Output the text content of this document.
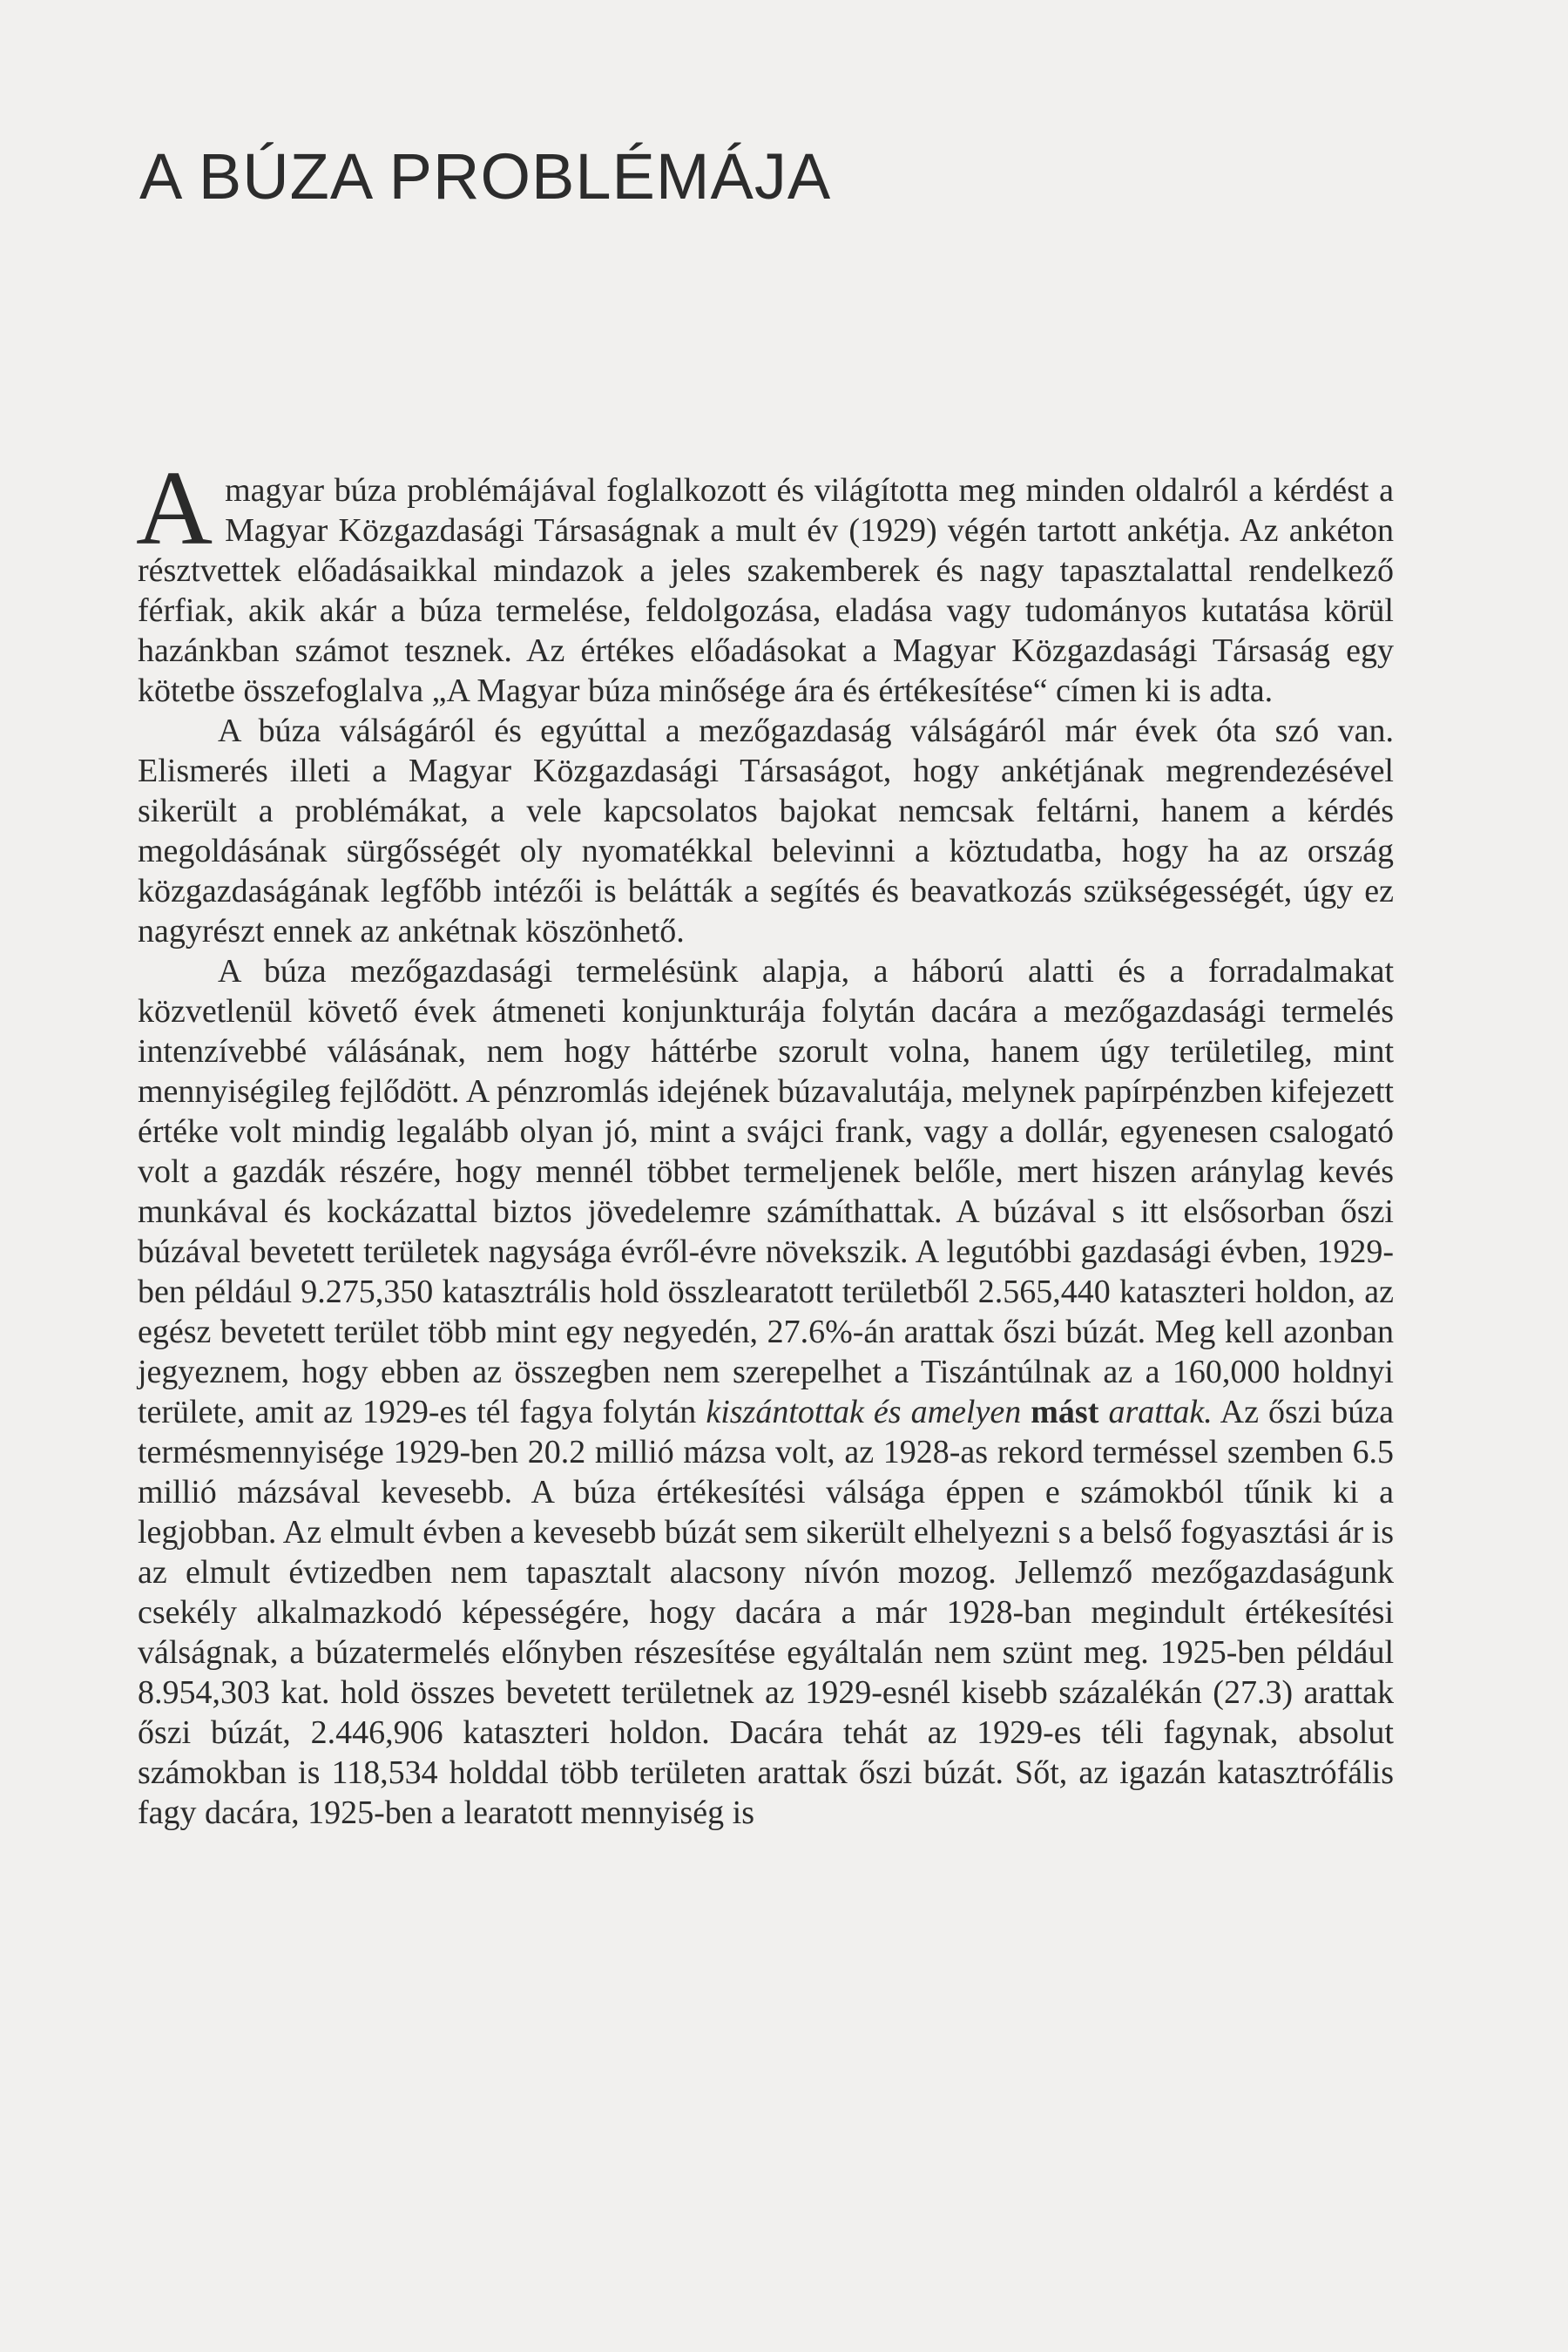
A BÚZA PROBLÉMÁJA

Amagyar búza problémájával foglalkozott és világította meg minden oldalról a kérdést a Magyar Közgazdasági Társaságnak a mult év (1929) végén tartott ankétja. Az ankéton résztvettek előadásaikkal mindazok a jeles szakemberek és nagy tapasztalattal rendelkező férfiak, akik akár a búza termelése, feldolgozása, eladása vagy tudományos kutatása körül hazánkban számot tesznek. Az értékes előadásokat a Magyar Közgazdasági Társaság egy kötetbe összefoglalva „A Magyar búza minősége ára és értékesítése“ címen ki is adta.

A búza válságáról és egyúttal a mezőgazdaság válságáról már évek óta szó van. Elismerés illeti a Magyar Közgazdasági Társaságot, hogy ankétjának megrendezésével sikerült a problémákat, a vele kapcsolatos bajokat nemcsak feltárni, hanem a kérdés megoldásának sürgősségét oly nyomatékkal belevinni a köztudatba, hogy ha az ország közgazdaságának legfőbb intézői is belátták a segítés és beavatkozás szükségességét, úgy ez nagyrészt ennek az ankétnak köszönhető.

A búza mezőgazdasági termelésünk alapja, a háború alatti és a forradalmakat közvetlenül követő évek átmeneti konjunkturája folytán dacára a mezőgazdasági termelés intenzívebbé válásának, nem hogy háttérbe szorult volna, hanem úgy területileg, mint mennyiségileg fejlődött. A pénzromlás idejének búzavalutája, melynek papírpénzben kifejezett értéke volt mindig legalább olyan jó, mint a svájci frank, vagy a dollár, egyenesen csalogató volt a gazdák részére, hogy mennél többet termeljenek belőle, mert hiszen aránylag kevés munkával és kockázattal biztos jövedelemre számíthattak. A búzával s itt elsősorban őszi búzával bevetett területek nagysága évről-évre növekszik. A legutóbbi gazdasági évben, 1929-ben például 9.275,350 katasztrális hold összlearatott területből 2.565,440 kataszteri holdon, az egész bevetett terület több mint egy negyedén, 27.6%-án arattak őszi búzát. Meg kell azonban jegyeznem, hogy ebben az összegben nem szerepelhet a Tiszántúlnak az a 160,000 holdnyi területe, amit az 1929-es tél fagya folytán kiszántottak és amelyen mást arattak. Az őszi búza termésmennyisége 1929-ben 20.2 millió mázsa volt, az 1928-as rekord terméssel szemben 6.5 millió mázsával kevesebb. A búza értékesítési válsága éppen e számokból tűnik ki a legjobban. Az elmult évben a kevesebb búzát sem sikerült elhelyezni s a belső fogyasztási ár is az elmult évtizedben nem tapasztalt alacsony nívón mozog. Jellemző mezőgazdaságunk csekély alkalmazkodó képességére, hogy dacára a már 1928-ban megindult értékesítési válságnak, a búzatermelés előnyben részesítése egyáltalán nem szünt meg. 1925-ben például 8.954,303 kat. hold összes bevetett területnek az 1929-esnél kisebb százalékán (27.3) arattak őszi búzát, 2.446,906 kataszteri holdon. Dacára tehát az 1929-es téli fagynak, absolut számokban is 118,534 holddal több területen arattak őszi búzát. Sőt, az igazán katasztrófális fagy dacára, 1925-ben a learatott mennyiség is
